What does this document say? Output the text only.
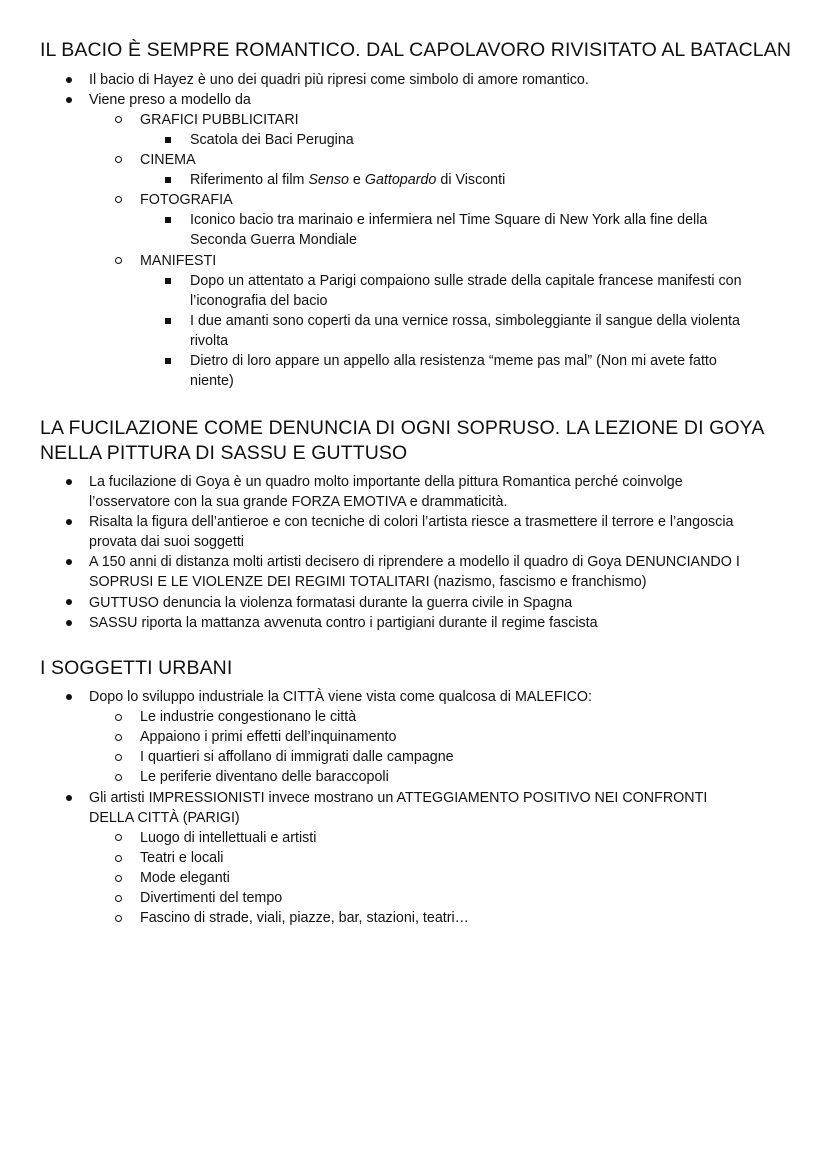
IL BACIO È SEMPRE ROMANTICO. DAL CAPOLAVORO RIVISITATO AL BATACLAN
Il bacio di Hayez è uno dei quadri più ripresi come simbolo di amore romantico.
Viene preso a modello da
GRAFICI PUBBLICITARI
Scatola dei Baci Perugina
CINEMA
Riferimento al film Senso e Gattopardo di Visconti
FOTOGRAFIA
Iconico bacio tra marinaio e infermiera nel Time Square di New York alla fine della
Seconda Guerra Mondiale
MANIFESTI
Dopo un attentato a Parigi compaiono sulle strade della capitale francese manifesti con
l’iconografia del bacio
I due amanti sono coperti da una vernice rossa, simboleggiante il sangue della violenta
rivolta
Dietro di loro appare un appello alla resistenza “meme pas mal” (Non mi avete fatto
niente)
LA FUCILAZIONE COME DENUNCIA DI OGNI SOPRUSO. LA LEZIONE DI GOYA
NELLA PITTURA DI SASSU E GUTTUSO
La fucilazione di Goya è un quadro molto importante della pittura Romantica perché coinvolge
l’osservatore con la sua grande FORZA EMOTIVA e drammaticità.
Risalta la figura dell’antieroe e con tecniche di colori l’artista riesce a trasmettere il terrore e l’angoscia
provata dai suoi soggetti
A 150 anni di distanza molti artisti decisero di riprendere a modello il quadro di Goya DENUNCIANDO I
SOPRUSI E LE VIOLENZE DEI REGIMI TOTALITARI (nazismo, fascismo e franchismo)
GUTTUSO denuncia la violenza formatasi durante la guerra civile in Spagna
SASSU riporta la mattanza avvenuta contro i partigiani durante il regime fascista
I SOGGETTI URBANI
Dopo lo sviluppo industriale la CITTÀ viene vista come qualcosa di MALEFICO:
Le industrie congestionano le città
Appaiono i primi effetti dell’inquinamento
I quartieri si affollano di immigrati dalle campagne
Le periferie diventano delle baraccopoli
Gli artisti IMPRESSIONISTI invece mostrano un ATTEGGIAMENTO POSITIVO NEI CONFRONTI
DELLA CITTÀ (PARIGI)
Luogo di intellettuali e artisti
Teatri e locali
Mode eleganti
Divertimenti del tempo
Fascino di strade, viali, piazze, bar, stazioni, teatri…
